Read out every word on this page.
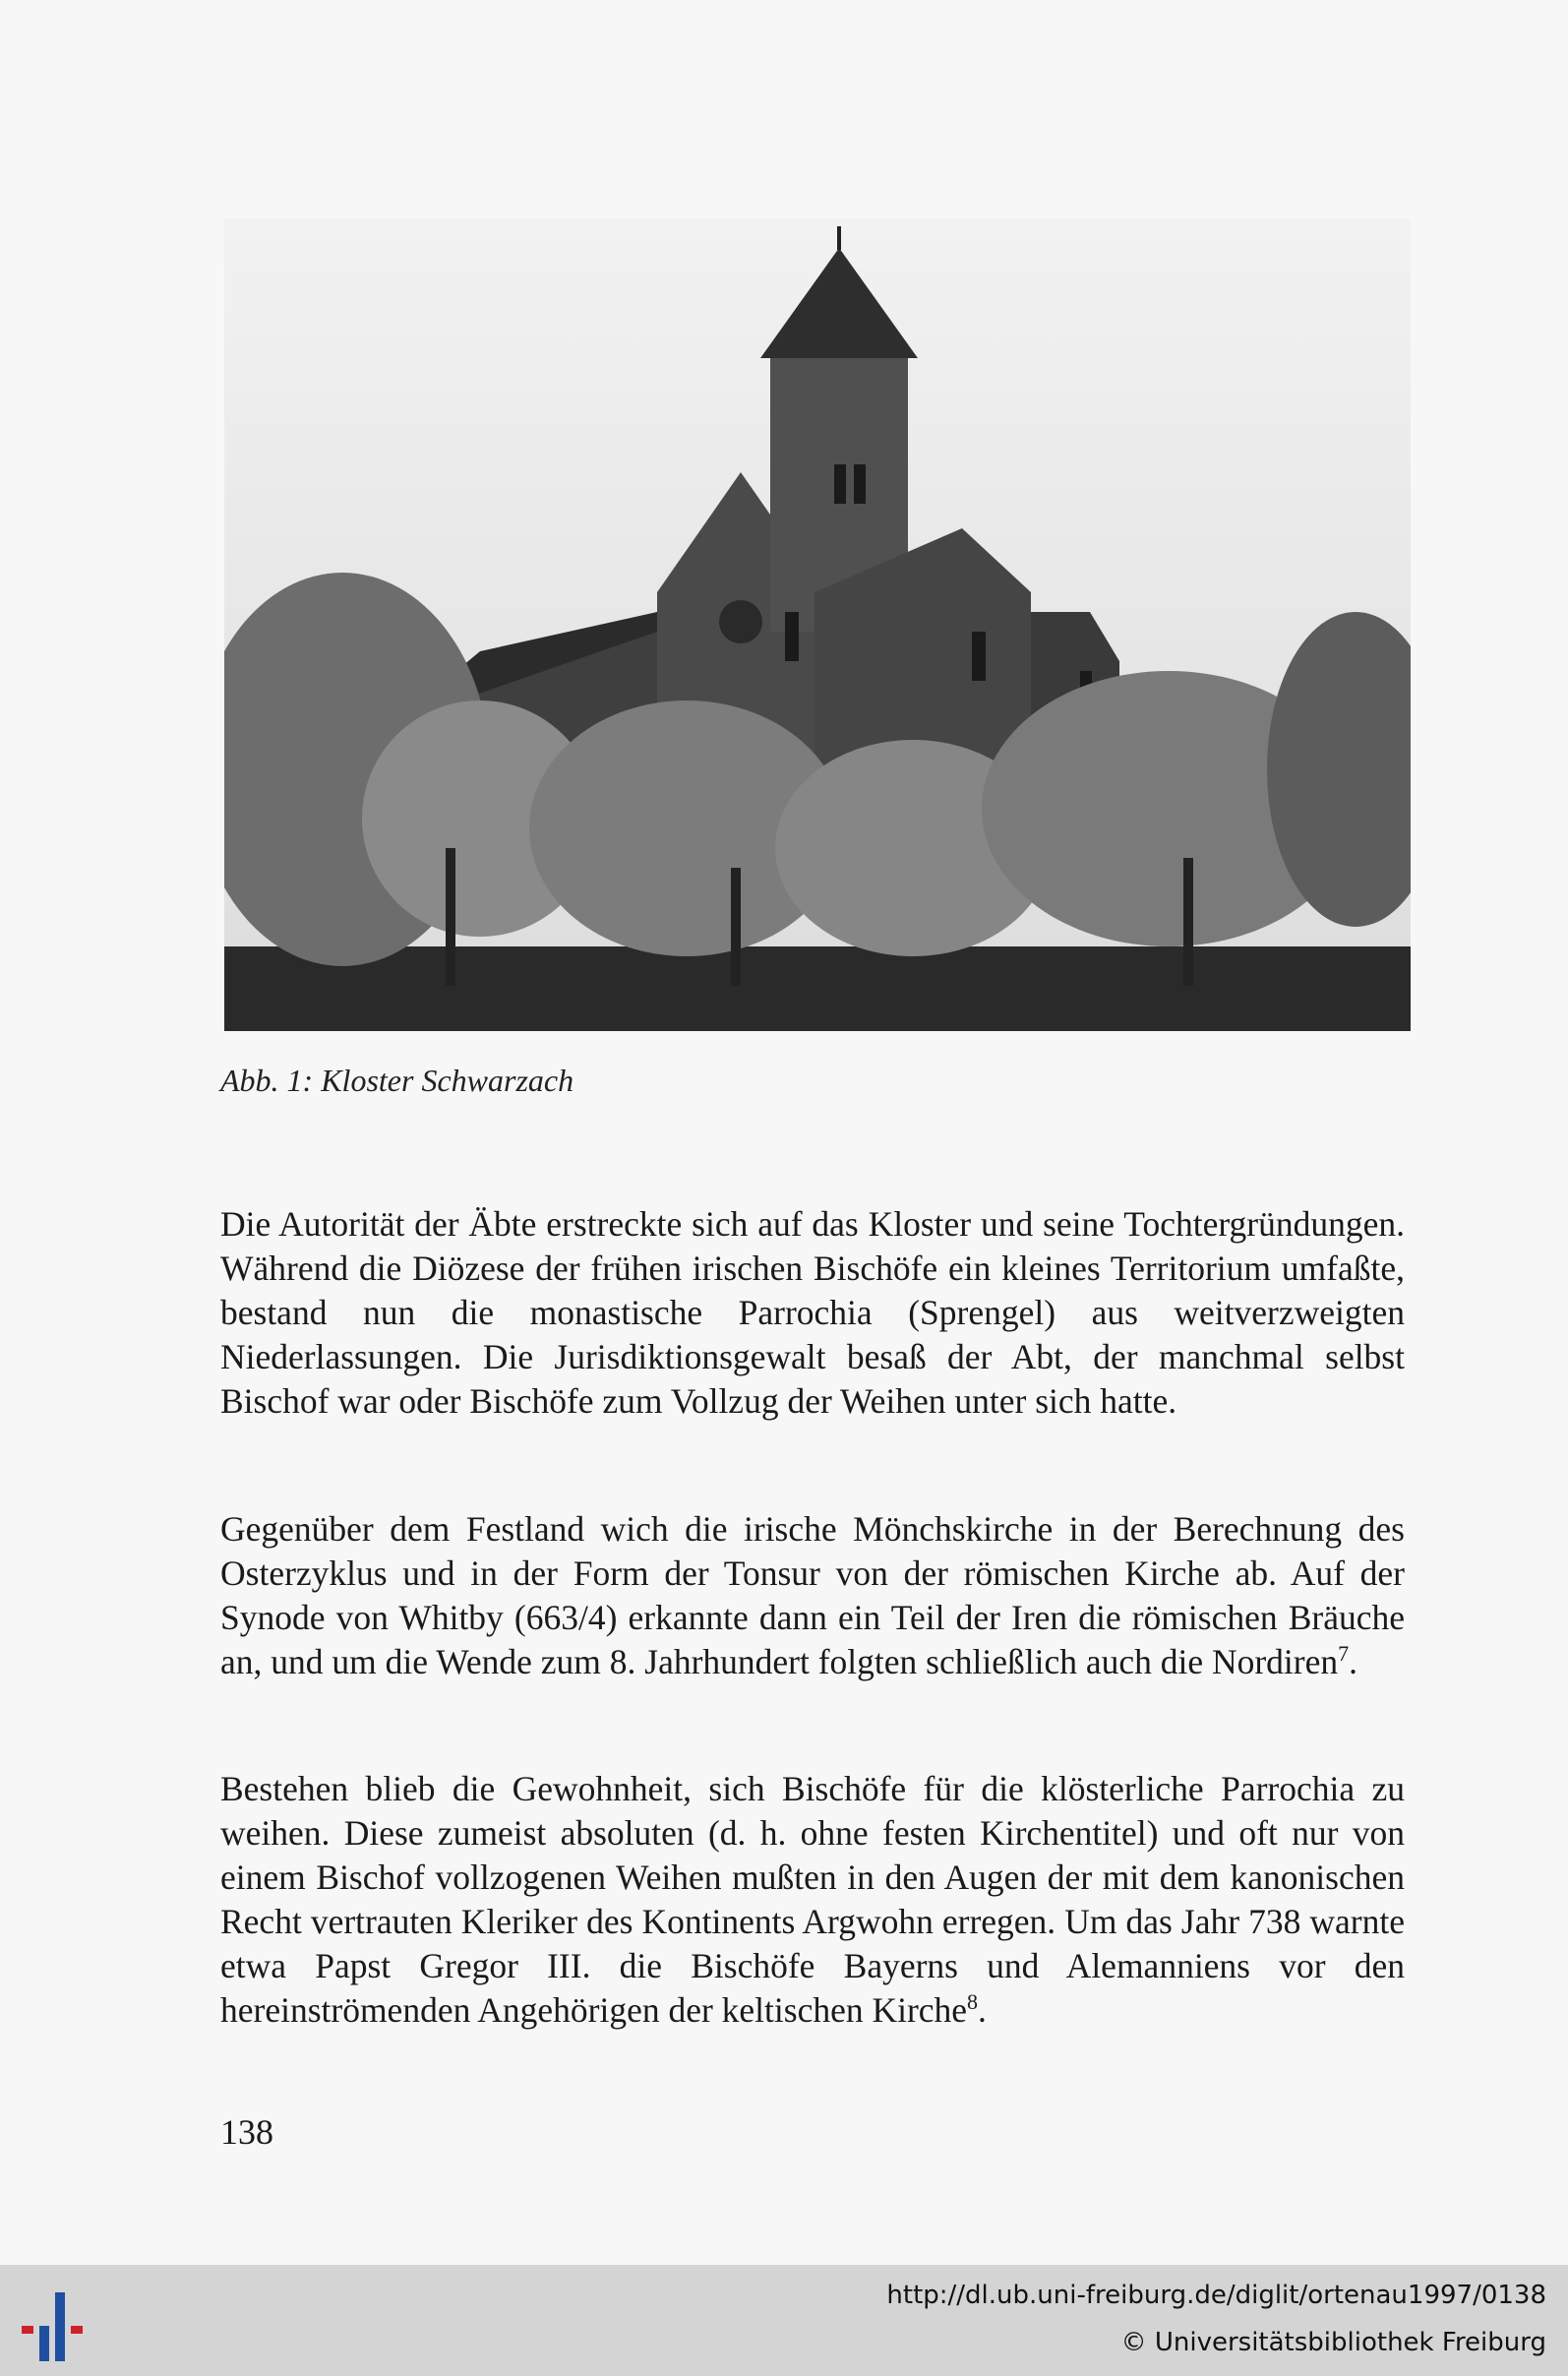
Abb. 1: Kloster Schwarzach

Die Autorität der Äbte erstreckte sich auf das Kloster und seine Tochtergründungen. Während die Diözese der frühen irischen Bischöfe ein kleines Territorium umfaßte, bestand nun die monastische Parrochia (Sprengel) aus weitverzweigten Niederlassungen. Die Jurisdiktionsgewalt besaß der Abt, der manchmal selbst Bischof war oder Bischöfe zum Vollzug der Weihen unter sich hatte.

Gegenüber dem Festland wich die irische Mönchskirche in der Berechnung des Osterzyklus und in der Form der Tonsur von der römischen Kirche ab. Auf der Synode von Whitby (663/4) erkannte dann ein Teil der Iren die römischen Bräuche an, und um die Wende zum 8. Jahrhundert folgten schließlich auch die Nordiren$^7$.

Bestehen blieb die Gewohnheit, sich Bischöfe für die klösterliche Parrochia zu weihen. Diese zumeist absoluten (d. h. ohne festen Kirchentitel) und oft nur von einem Bischof vollzogenen Weihen mußten in den Augen der mit dem kanonischen Recht vertrauten Kleriker des Kontinents Argwohn erregen. Um das Jahr 738 warnte etwa Papst Gregor III. die Bischöfe Bayerns und Alemanniens vor den hereinströmenden Angehörigen der keltischen Kirche$^8$.

138
http://dl.ub.uni-freiburg.de/diglit/ortenau1997/0138
© Universitätsbibliothek Freiburg
